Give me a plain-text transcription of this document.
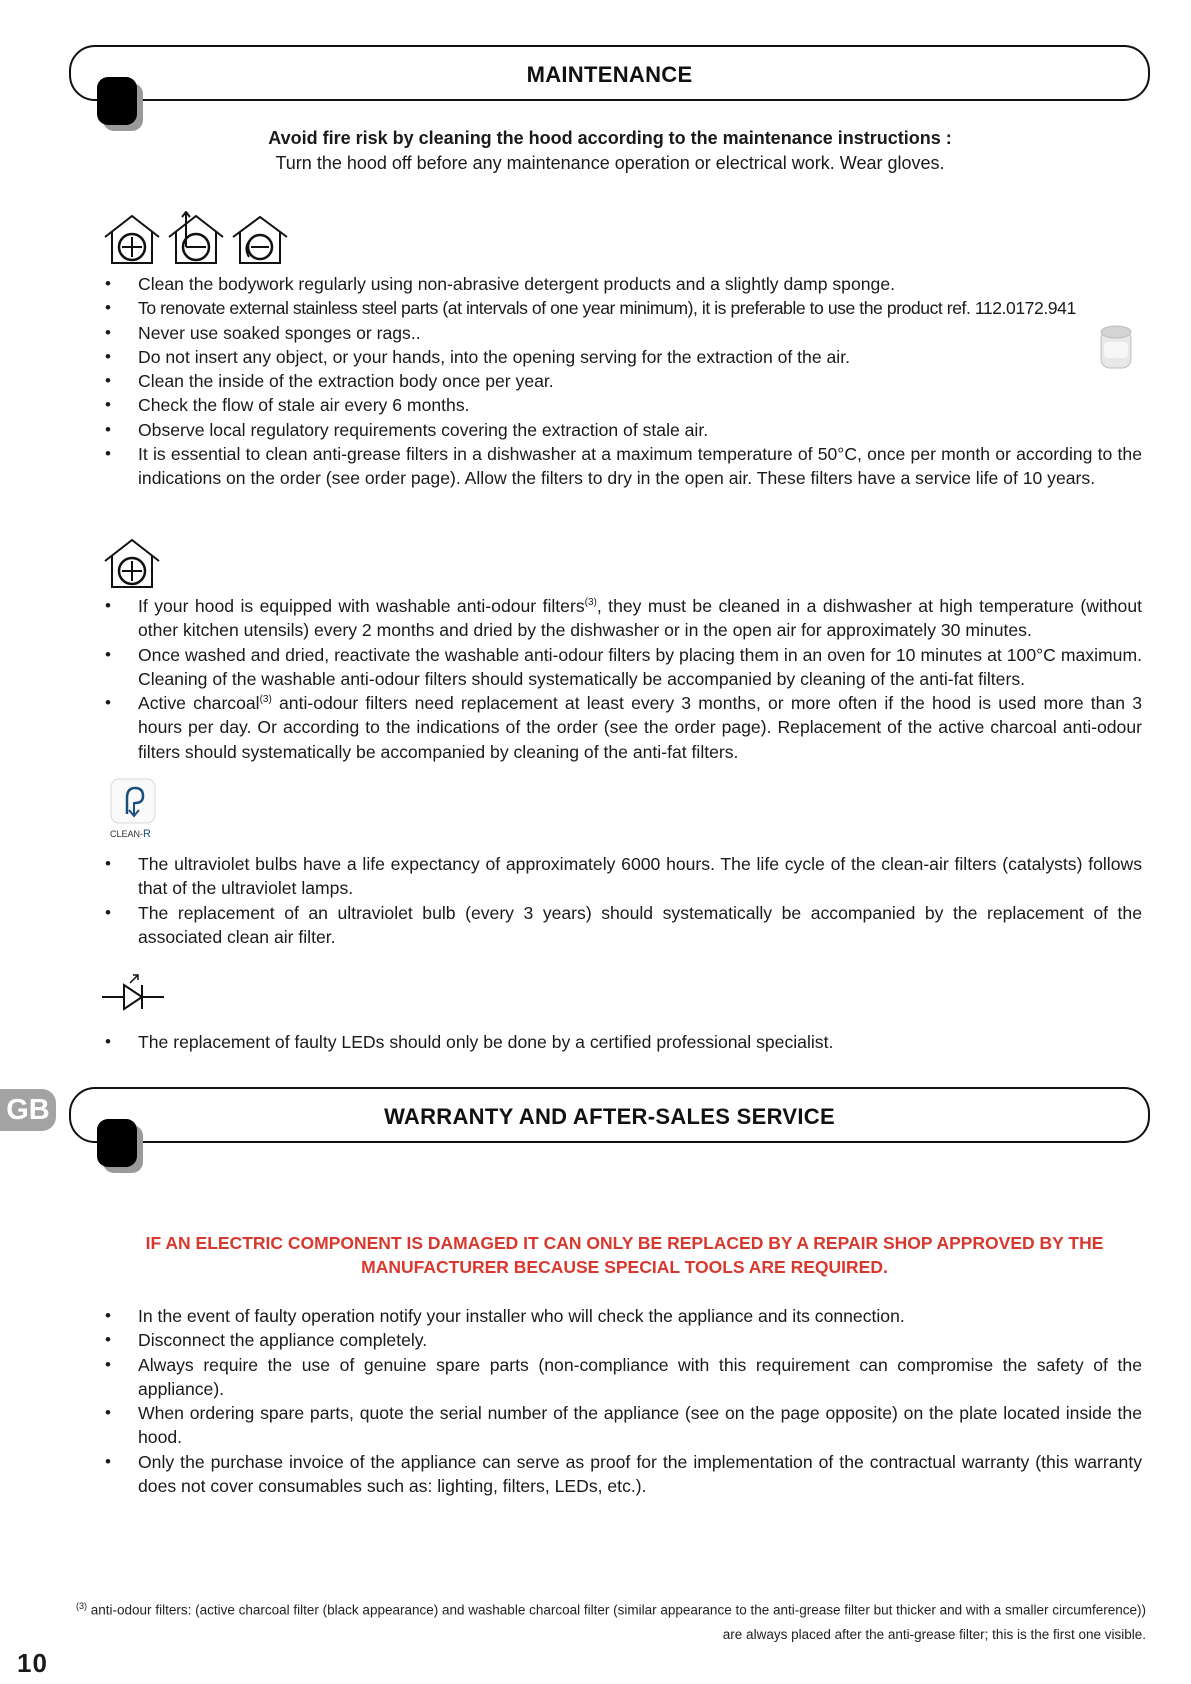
MAINTENANCE
Avoid fire risk by cleaning the hood according to the maintenance instructions :
Turn the hood off before any maintenance operation or electrical work. Wear gloves.
• Clean the bodywork regularly using non-abrasive detergent products and a slightly damp sponge.
• To renovate external stainless steel parts (at intervals of one year minimum), it is preferable to use the product ref. 112.0172.941
• Never use soaked sponges or rags..
• Do not insert any object, or your hands, into the opening serving for the extraction of the air.
• Clean the inside of the extraction body once per year.
• Check the flow of stale air every 6 months.
• Observe local regulatory requirements covering the extraction of stale air.
• It is essential to clean anti-grease filters in a dishwasher at a maximum temperature of 50°C, once per month or according to the indications on the order (see order page). Allow the filters to dry in the open air. These filters have a service life of 10 years.
• If your hood is equipped with washable anti-odour filters$^{(3)}$, they must be cleaned in a dishwasher at high temperature (without other kitchen utensils) every 2 months and dried by the dishwasher or in the open air for approximately 30 minutes.
• Once washed and dried, reactivate the washable anti-odour filters by placing them in an oven for 10 minutes at 100°C maximum. Cleaning of the washable anti-odour filters should systematically be accompanied by cleaning of the anti-fat filters.
• Active charcoal$^{(3)}$ anti-odour filters need replacement at least every 3 months, or more often if the hood is used more than 3 hours per day. Or according to the indications of the order (see the order page). Replacement of the active charcoal anti-odour filters should systematically be accompanied by cleaning of the anti-fat filters.
CLEAN-R
• The ultraviolet bulbs have a life expectancy of approximately 6000 hours. The life cycle of the clean-air filters (catalysts) follows that of the ultraviolet lamps.
• The replacement of an ultraviolet bulb (every 3 years) should systematically be accompanied by the replacement of the associated clean air filter.
• The replacement of faulty LEDs should only be done by a certified professional specialist.
GB	WARRANTY AND AFTER-SALES SERVICE
IF AN ELECTRIC COMPONENT IS DAMAGED IT CAN ONLY BE REPLACED BY A REPAIR SHOP APPROVED BY THE MANUFACTURER BECAUSE SPECIAL TOOLS ARE REQUIRED.
• In the event of faulty operation notify your installer who will check the appliance and its connection.
• Disconnect the appliance completely.
• Always require the use of genuine spare parts (non-compliance with this requirement can compromise the safety of the appliance).
• When ordering spare parts, quote the serial number of the appliance (see on the page opposite) on the plate located inside the hood.
• Only the purchase invoice of the appliance can serve as proof for the implementation of the contractual warranty (this warranty does not cover consumables such as: lighting, filters, LEDs, etc.).
$^{(3)}$ anti-odour filters: (active charcoal filter (black appearance) and washable charcoal filter (similar appearance to the anti-grease filter but thicker and with a smaller circumference)) are always placed after the anti-grease filter; this is the first one visible.
10
